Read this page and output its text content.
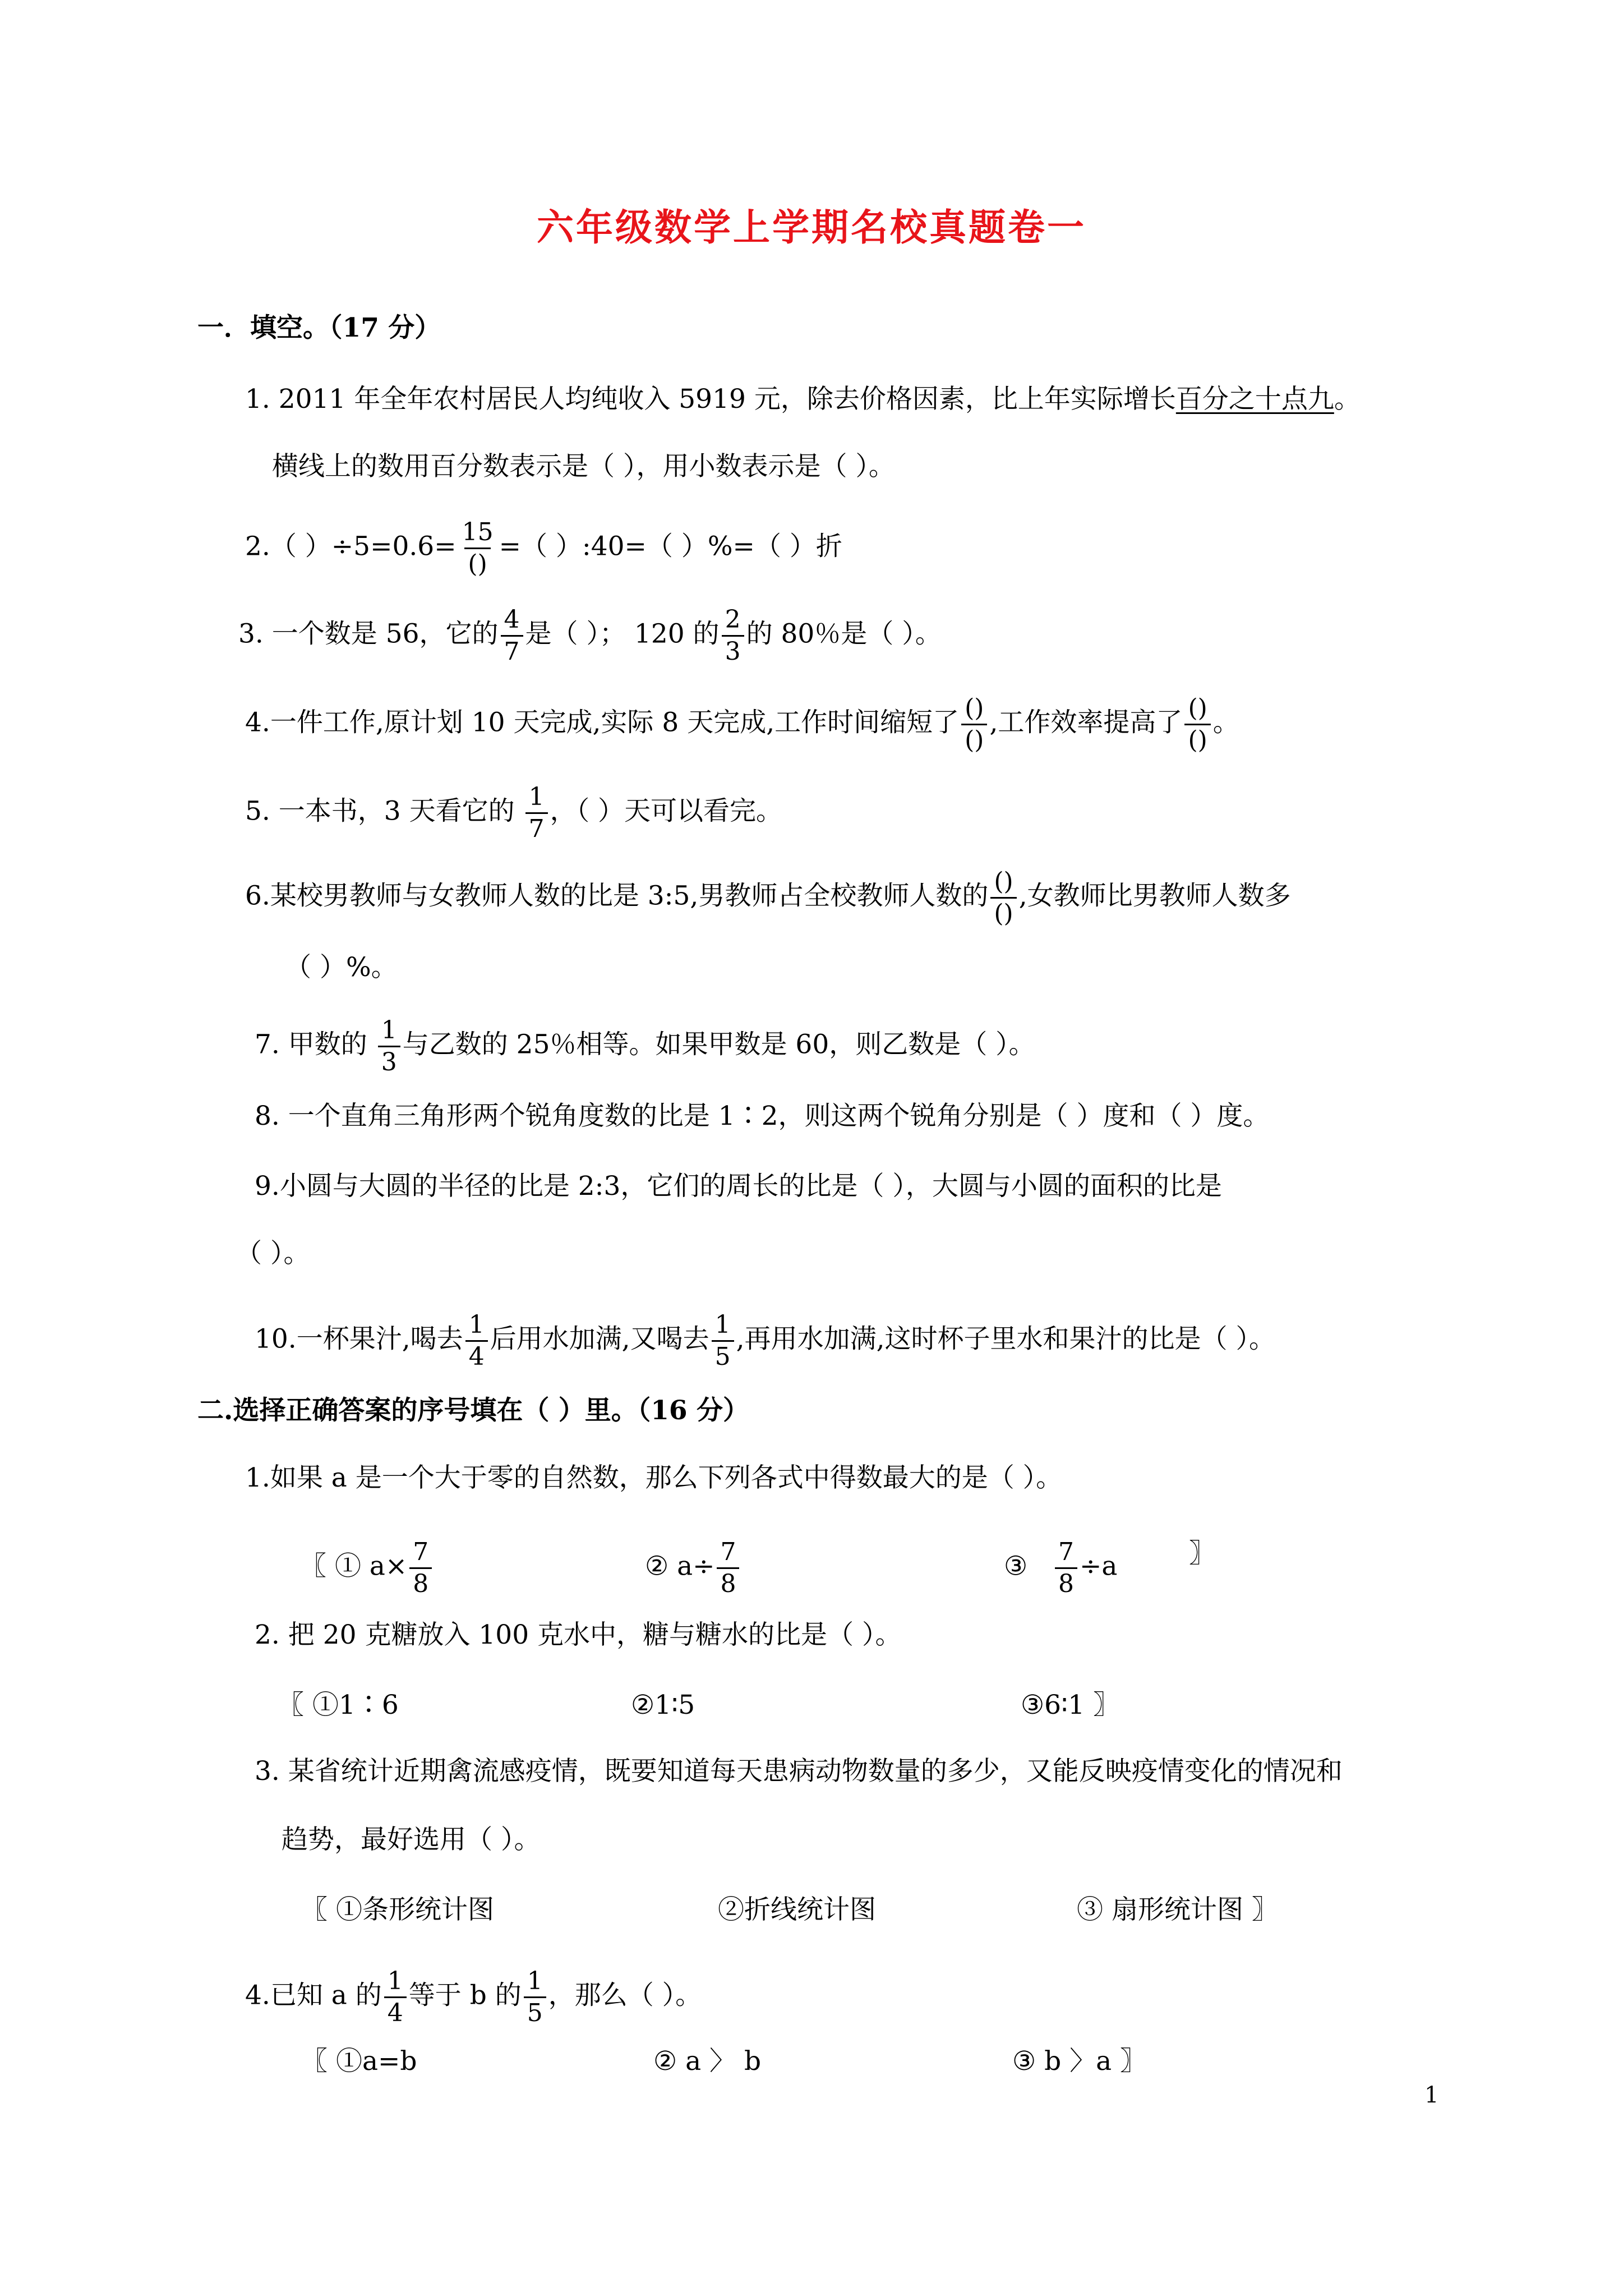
六年级数学上学期名校真题卷一
一．填空。（17 分）
1. 2011 年全年农村居民人均纯收入 5919 元，除去价格因素，比上年实际增长百分之十点九。
横线上的数用百分数表示是（ ），用小数表示是（ ）。
2.（ ）÷5=0.6= 15
()
=（ ）:40=（ ）%=（ ）折
3. 一个数是 56，它的 $\frac{4}{7}$ 是（ ）； 120 的 $\frac{2}{3}$ 的 80％是（ ）。
4.一件工作,原计划 10 天完成,实际 8 天完成,工作时间缩短了 ()
()
,工作效率提高了 ()
()
。
5. 一本书，3 天看它的 $\frac{1}{7}$ ，（ ）天可以看完。
6.某校男教师与女教师人数的比是 3:5,男教师占全校教师人数的 ()
()
,女教师比男教师人数多
（ ）%。
7. 甲数的 $\frac{1}{3}$ 与乙数的 25％相等。如果甲数是 60，则乙数是（ ）。
8. 一个直角三角形两个锐角度数的比是 1∶2，则这两个锐角分别是（ ）度和（ ）度。
9.小圆与大圆的半径的比是 2:3，它们的周长的比是（ ），大圆与小圆的面积的比是
（ ）。
10.一杯果汁,喝去 $\frac{1}{4}$ 后用水加满,又喝去 $\frac{1}{5}$ ,再用水加满,这时杯子里水和果汁的比是（ ）。
二.选择正确答案的序号填在（ ）里。（16 分）
1.如果 a 是一个大于零的自然数，那么下列各式中得数最大的是（ ）。
〖 ① $a\times \frac{7}{8}$	② $a\div \frac{7}{8}$	③ $\frac{7}{8} \div a$	〗
2. 把 20 克糖放入 100 克水中，糖与糖水的比是（ ）。
〖 ①1∶6	②1∶5	③6∶1 〗
3. 某省统计近期禽流感疫情，既要知道每天患病动物数量的多少，又能反映疫情变化的情况和
趋势，最好选用（ ）。
〖 ①条形统计图	②折线统计图	③ 扇形统计图 〗
4.已知 a 的 $\frac{1}{4}$ 等于 b 的 $\frac{1}{5}$ ，那么（ ）。
〖 ①a=b	② a 〉 b	③ b 〉a 〗
1
